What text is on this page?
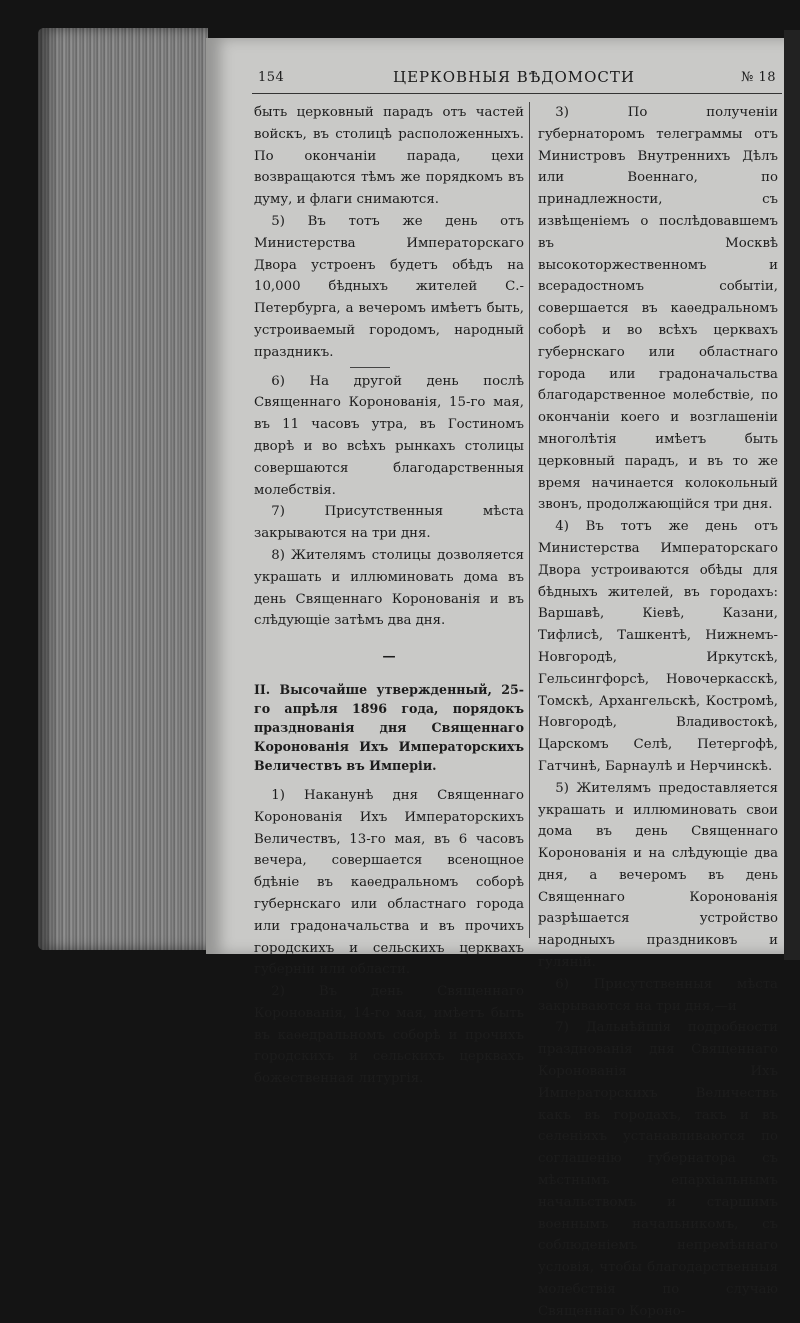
154	ЦЕРКОВНЫЯ ВѢДОМОСТИ	№ 18

быть церковный парадъ отъ частей войскъ, въ столицѣ расположенныхъ. По окончаніи парада, цехи возвращаются тѣмъ же порядкомъ въ думу, и флаги снимаются.

5) Въ тотъ же день отъ Министерства Императорскаго Двора устроенъ будетъ обѣдъ на 10,000 бѣдныхъ жителей С.-Петербурга, а вечеромъ имѣетъ быть, устроиваемый городомъ, народный праздникъ.

6) На другой день послѣ Священнаго Коронованія, 15-го мая, въ 11 часовъ утра, въ Гостиномъ дворѣ и во всѣхъ рынкахъ столицы совершаются благодарственныя молебствія.

7) Присутственныя мѣста закрываются на три дня.

8) Жителямъ столицы дозволяется украшать и иллюминовать дома въ день Священнаго Коронованія и въ слѣдующіе затѣмъ два дня.

—
II. Высочайше утвержденный, 25-го апрѣля 1896 года, порядокъ празднованія дня Священнаго Коронованія Ихъ Императорскихъ Величествъ въ Имперіи.

1) Наканунѣ дня Священнаго Коронованія Ихъ Императорскихъ Величествъ, 13-го мая, въ 6 часовъ вечера, совершается всенощное бдѣніе въ каѳедральномъ соборѣ губернскаго или областнаго города или градоначальства и въ прочихъ городскихъ и сельскихъ церквахъ губерніи или области.

2) Въ день Священнаго Коронованія, 14-го мая, имѣетъ быть въ каѳедральномъ соборѣ и прочихъ городскихъ и сельскихъ церквахъ божественная литургія.

3) По полученіи губернаторомъ телеграммы отъ Министровъ Внутреннихъ Дѣлъ или Военнаго, по принадлежности, съ извѣщеніемъ о послѣдовавшемъ въ Москвѣ высокоторжественномъ и всерадостномъ событіи, совершается въ каѳедральномъ соборѣ и во всѣхъ церквахъ губернскаго или областнаго города или градоначальства благодарственное молебствіе, по окончаніи коего и возглашеніи многолѣтія имѣетъ быть церковный парадъ, и въ то же время начинается колокольный звонъ, продолжающійся три дня.

4) Въ тотъ же день отъ Министерства Императорскаго Двора устроиваются обѣды для бѣдныхъ жителей, въ городахъ: Варшавѣ, Кіевѣ, Казани, Тифлисѣ, Ташкентѣ, Нижнемъ-Новгородѣ, Иркутскѣ, Гельсингфорсѣ, Новочеркасскѣ, Томскѣ, Архангельскѣ, Костромѣ, Новгородѣ, Владивостокѣ, Царскомъ Селѣ, Петергофѣ, Гатчинѣ, Барнаулѣ и Нерчинскѣ.

5) Жителямъ предоставляется украшать и иллюминовать свои дома въ день Священнаго Коронованія и на слѣдующіе два дня, а вечеромъ въ день Священнаго Коронованія разрѣшается устройство народныхъ праздниковъ и гуляній.

6) Присутственныя мѣста закрываются на три дня,—и

7) Дальнѣйшія подробности празднованія дня Священнаго Коронованія Ихъ Императорскихъ Величествъ какъ въ городахъ, такъ и въ селеніяхъ устанавливаются по соглашенію губернатора съ мѣстнымъ епархіальнымъ начальствомъ и старшимъ военнымъ начальникомъ, съ соблюденіемъ непремѣннаго условія, чтобы благодарственныя молебствія по случаю Священнаго Короно-
